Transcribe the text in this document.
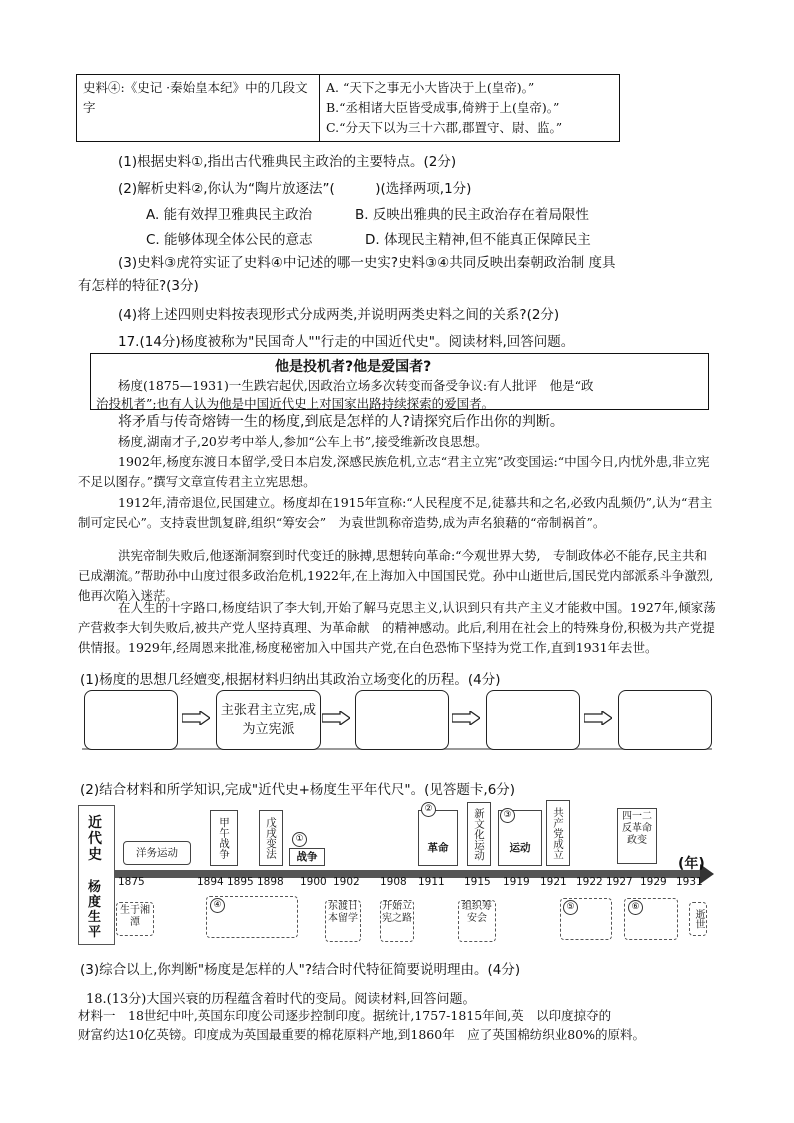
史料④:《史记 ·秦始皇本纪》中的几段文字	
A. “天下之事无小大皆决于上(皇帝)。”
B.“丞相诸大臣皆受成事,倚辨于上(皇帝)。”
C.“分天下以为三十六郡,郡置守、尉、监。”
(1)根据史料①,指出古代雅典民主政治的主要特点。(2分)
(2)解析史料②,你认为“陶片放逐法”(　　　)(选择两项,1分)
A. 能有效捍卫雅典民主政治	B. 反映出雅典的民主政治存在着局限性
C. 能够体现全体公民的意志	D. 体现民主精神,但不能真正保障民主
(3)史料③虎符实证了史料④中记述的哪一史实?史料③④共同反映出秦朝政治制 度具
有怎样的特征?(3分)
(4)将上述四则史料按表现形式分成两类,并说明两类史料之间的关系?(2分)
17.(14分)杨度被称为"民国奇人""行走的中国近代史"。阅读材料,回答问题。
他是投机者?他是爱国者?
杨度(1875—1931)一生跌宕起伏,因政治立场多次转变而备受争议:有人批评　他是“政
治投机者”;也有人认为他是中国近代史上对国家出路持续探索的爱国者。
将矛盾与传奇熔铸一生的杨度,到底是怎样的人?请探究后作出你的判断。
杨度,湖南才子,20岁考中举人,参加“公车上书”,接受维新改良思想。
1902年,杨度东渡日本留学,受日本启发,深感民族危机,立志“君主立宪”改变国运:“中国今日,内忧外患,非立宪不足以图存。”撰写文章宣传君主立宪思想。
1912年,清帝退位,民国建立。杨度却在1915年宣称:“人民程度不足,徒慕共和之名,必致内乱频仍”,认为“君主制可定民心”。支持袁世凯复辟,组织“筹安会”　为袁世凯称帝造势,成为声名狼藉的“帝制祸首”。
洪宪帝制失败后,他逐渐洞察到时代变迁的脉搏,思想转向革命:“今观世界大势,　专制政体必不能存,民主共和已成潮流。”帮助孙中山度过很多政治危机,1922年,在上海加入中国国民党。孙中山逝世后,国民党内部派系斗争激烈,他再次陷入迷茫。
在人生的十字路口,杨度结识了李大钊,开始了解马克思主义,认识到只有共产主义才能救中国。1927年,倾家荡产营救李大钊失败后,被共产党人坚持真理、为革命献　的精神感动。此后,利用在社会上的特殊身份,积极为共产党提供情报。1929年,经周恩来批准,杨度秘密加入中国共产党,在白色恐怖下坚持为党工作,直到1931年去世。
(1)杨度的思想几经嬗变,根据材料归纳出其政治立场变化的历程。(4分)
主张君主立宪,成为立宪派
(2)结合材料和所学知识,完成"近代史+杨度生平年代尺"。(见答题卡,6分)
近代史
杨度生平
(年)
1875	1894 1895 1898 1900 1902 1908 1911 1915 1919 1921 1922 1927 1929 1931
洋务运动	甲午战争	戊戌变法	战争
①
革命
②	新文化运动	运动
③	共产党成立	四一二反革命政变
生于湘潭
④	东渡日本留学
开始立宪之路
组织筹安会
⑤	⑥
逝世
(3)综合以上,你判断"杨度是怎样的人"?结合时代特征简要说明理由。(4分)
18.(13分)大国兴衰的历程蕴含着时代的变局。阅读材料,回答问题。
材料一　18世纪中叶,英国东印度公司逐步控制印度。据统计,1757-1815年间,英　以印度掠夺的
财富约达10亿英镑。印度成为英国最重要的棉花原料产地,到1860年　应了英国棉纺织业80%的原料。
